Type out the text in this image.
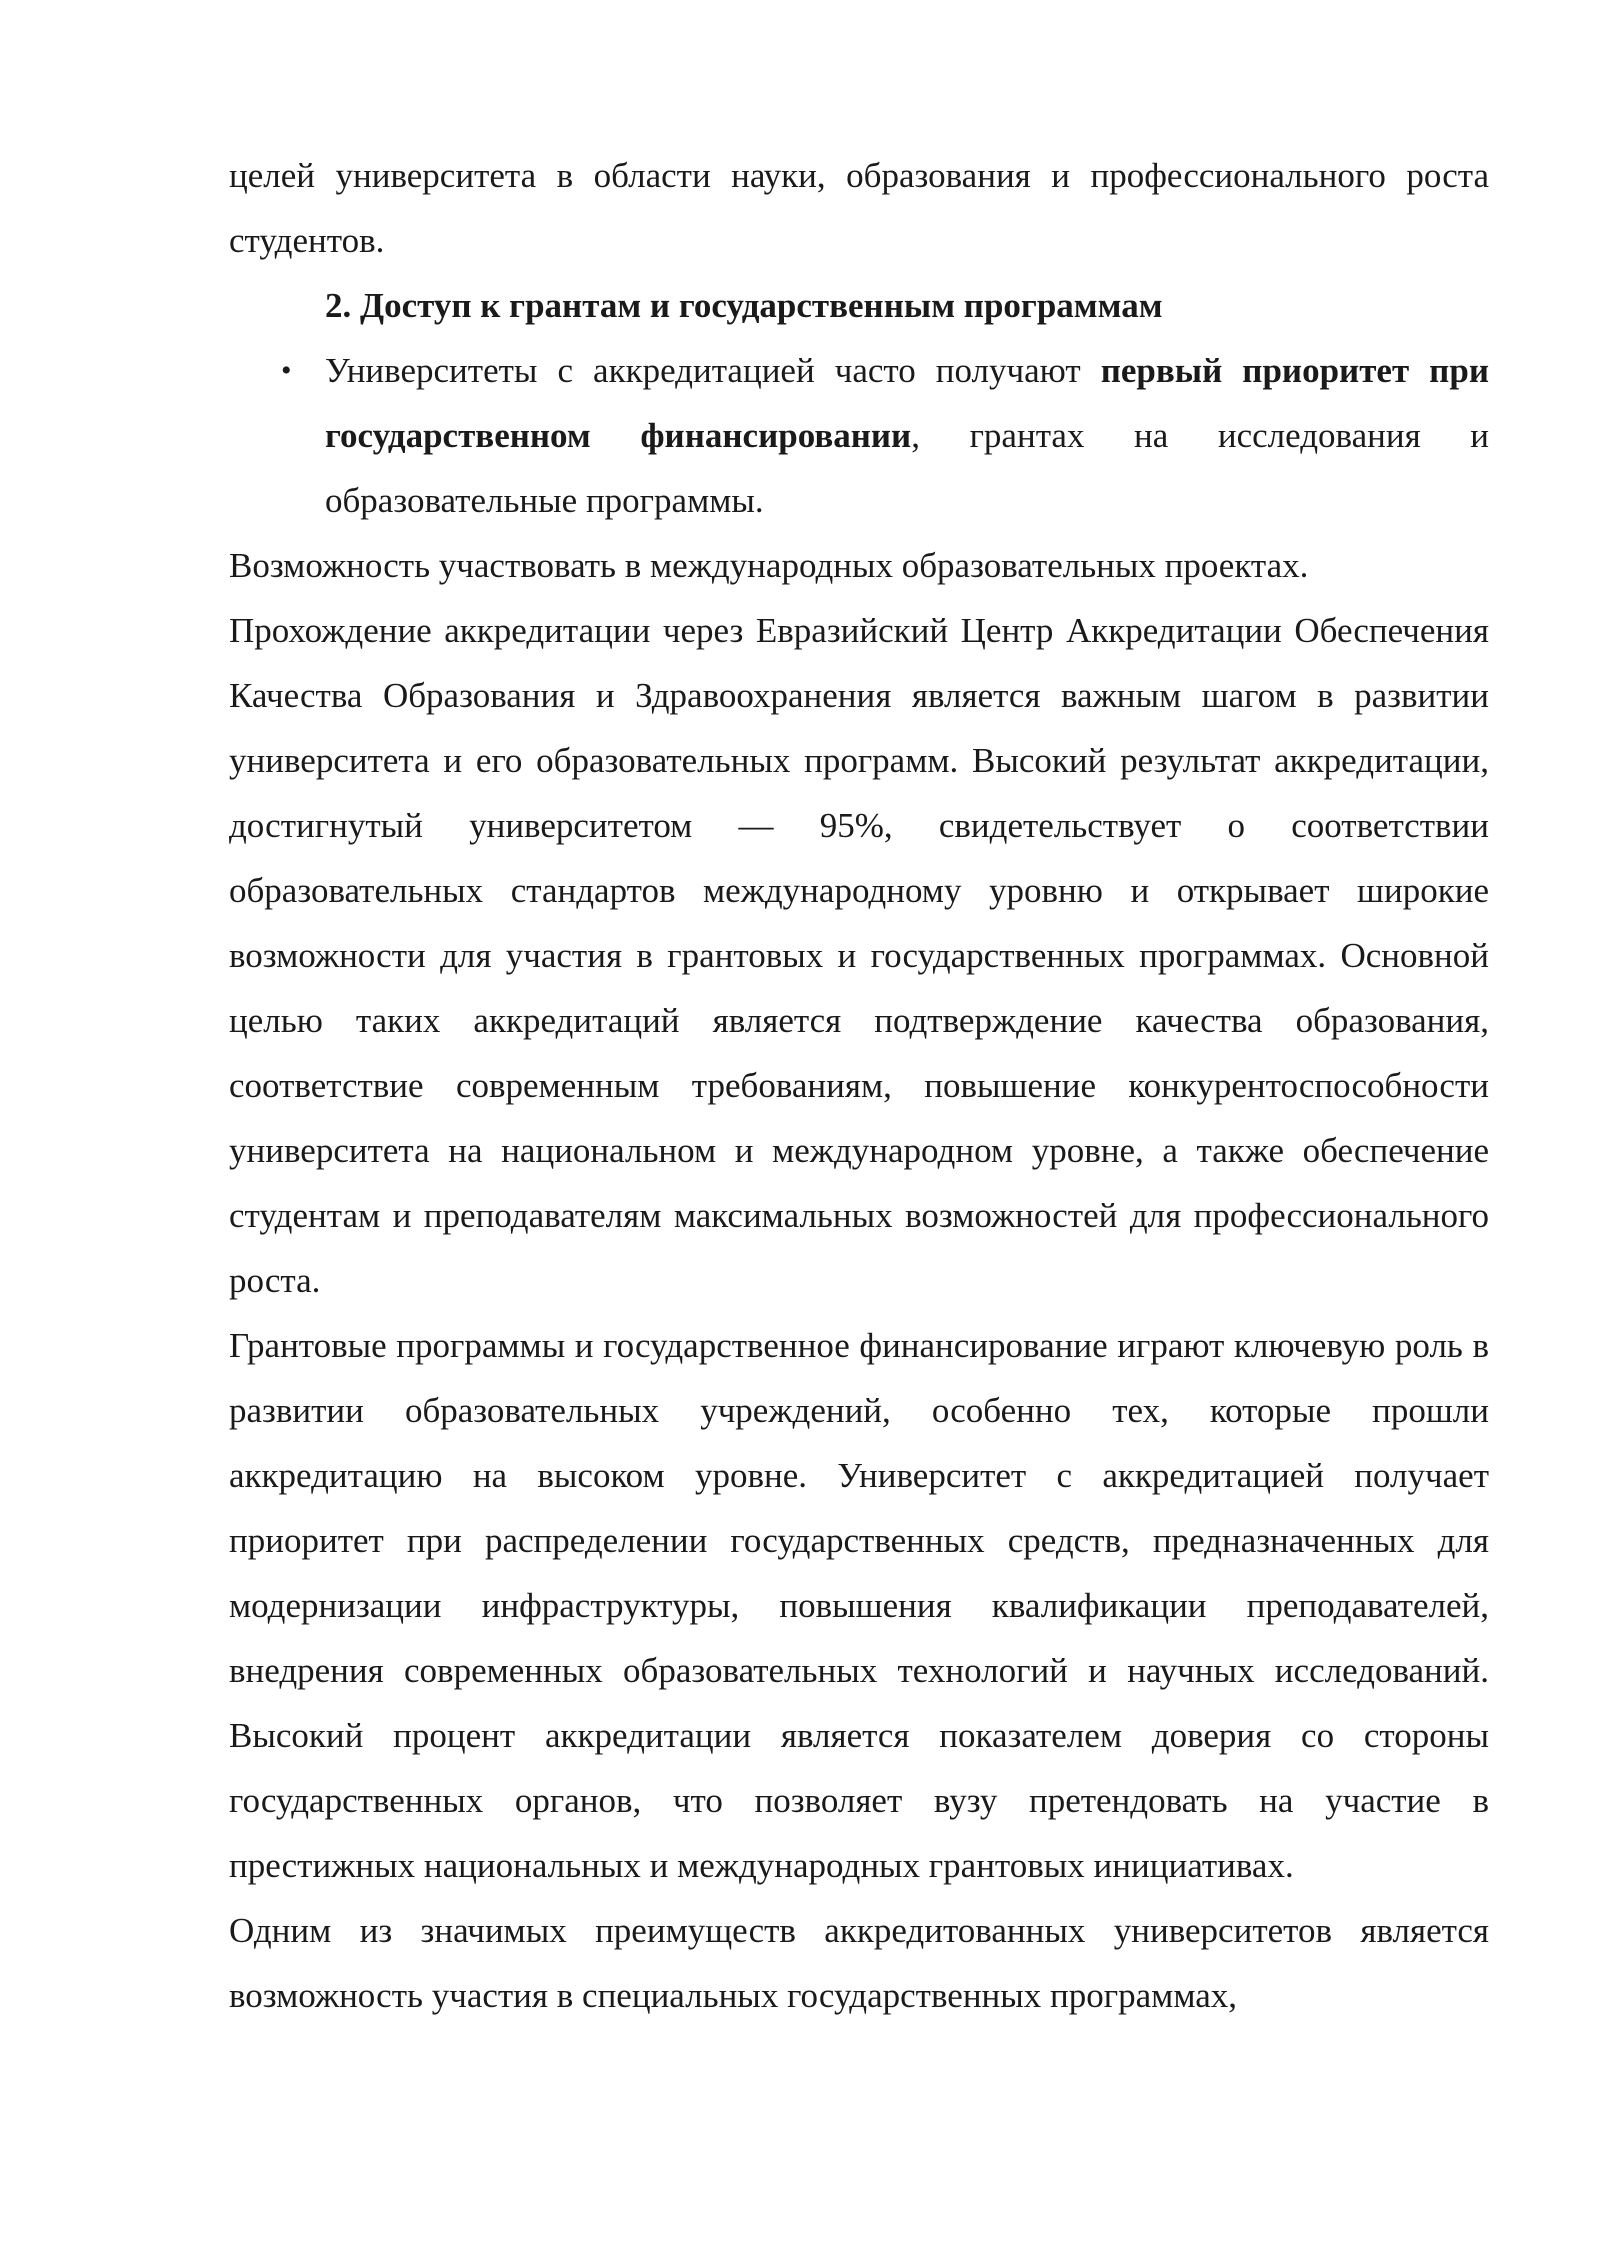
целей университета в области науки, образования и профессионального роста студентов.

2. Доступ к грантам и государственным программам

• Университеты с аккредитацией часто получают первый приоритет при государственном финансировании, грантах на исследования и образовательные программы.

Возможность участвовать в международных образовательных проектах.

Прохождение аккредитации через Евразийский Центр Аккредитации Обеспечения Качества Образования и Здравоохранения является важным шагом в развитии университета и его образовательных программ. Высокий результат аккредитации, достигнутый университетом — 95%, свидетельствует о соответствии образовательных стандартов международному уровню и открывает широкие возможности для участия в грантовых и государственных программах. Основной целью таких аккредитаций является подтверждение качества образования, соответствие современным требованиям, повышение конкурентоспособности университета на национальном и международном уровне, а также обеспечение студентам и преподавателям максимальных возможностей для профессионального роста.

Грантовые программы и государственное финансирование играют ключевую роль в развитии образовательных учреждений, особенно тех, которые прошли аккредитацию на высоком уровне. Университет с аккредитацией получает приоритет при распределении государственных средств, предназначенных для модернизации инфраструктуры, повышения квалификации преподавателей, внедрения современных образовательных технологий и научных исследований. Высокий процент аккредитации является показателем доверия со стороны государственных органов, что позволяет вузу претендовать на участие в престижных национальных и международных грантовых инициативах.

Одним из значимых преимуществ аккредитованных университетов является возможность участия в специальных государственных программах,
